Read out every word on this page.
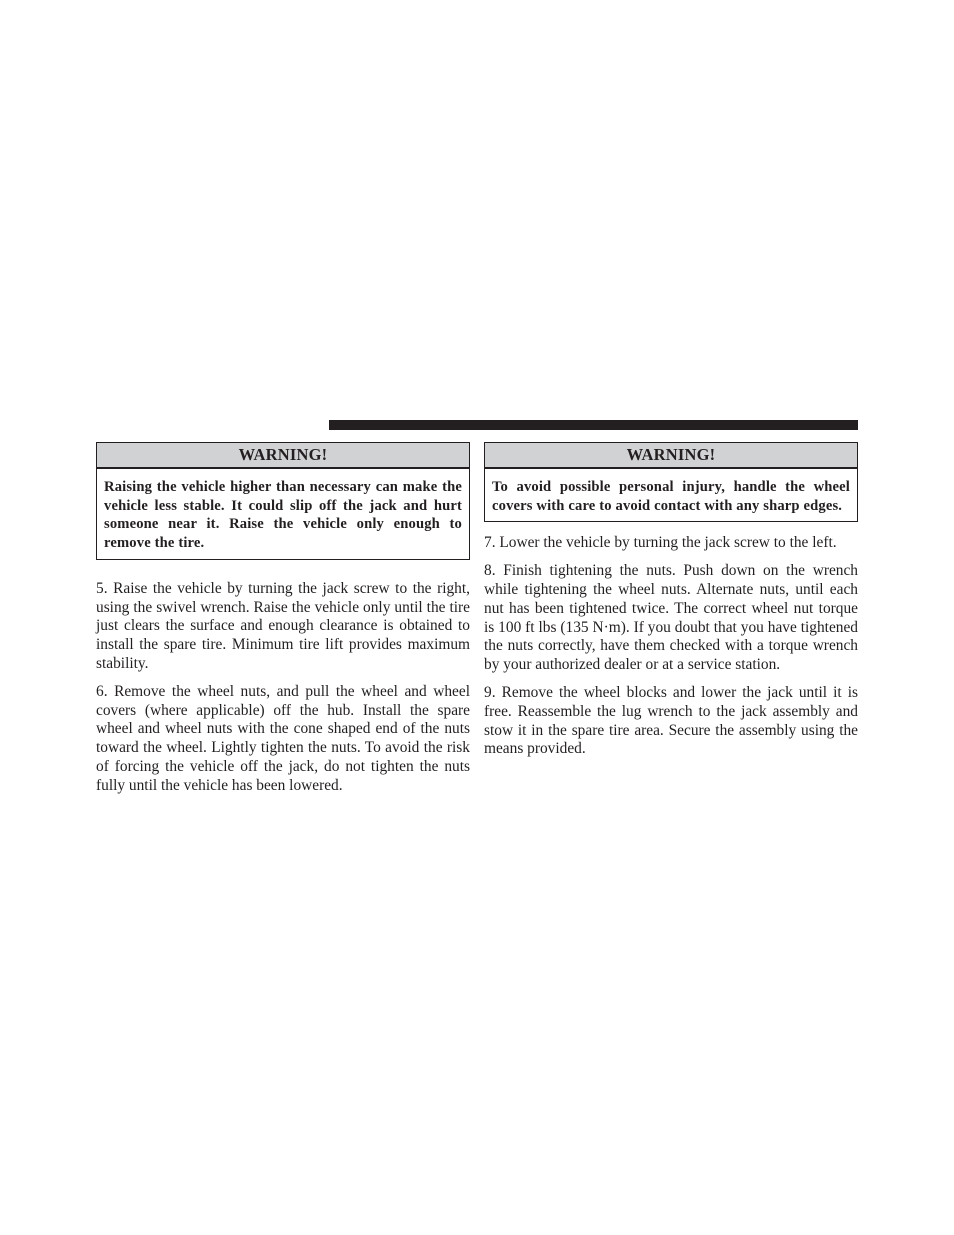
WARNING!
Raising the vehicle higher than necessary can make the vehicle less stable. It could slip off the jack and hurt someone near it. Raise the vehicle only enough to remove the tire.

5. Raise the vehicle by turning the jack screw to the right, using the swivel wrench. Raise the vehicle only until the tire just clears the surface and enough clearance is obtained to install the spare tire. Minimum tire lift provides maximum stability.

6. Remove the wheel nuts, and pull the wheel and wheel covers (where applicable) off the hub. Install the spare wheel and wheel nuts with the cone shaped end of the nuts toward the wheel. Lightly tighten the nuts. To avoid the risk of forcing the vehicle off the jack, do not tighten the nuts fully until the vehicle has been lowered.

WARNING!
To avoid possible personal injury, handle the wheel covers with care to avoid contact with any sharp edges.

7. Lower the vehicle by turning the jack screw to the left.

8. Finish tightening the nuts. Push down on the wrench while tightening the wheel nuts. Alternate nuts, until each nut has been tightened twice. The correct wheel nut torque is 100 ft lbs (135 N·m). If you doubt that you have tightened the nuts correctly, have them checked with a torque wrench by your authorized dealer or at a service station.

9. Remove the wheel blocks and lower the jack until it is free. Reassemble the lug wrench to the jack assembly and stow it in the spare tire area. Secure the assembly using the means provided.
